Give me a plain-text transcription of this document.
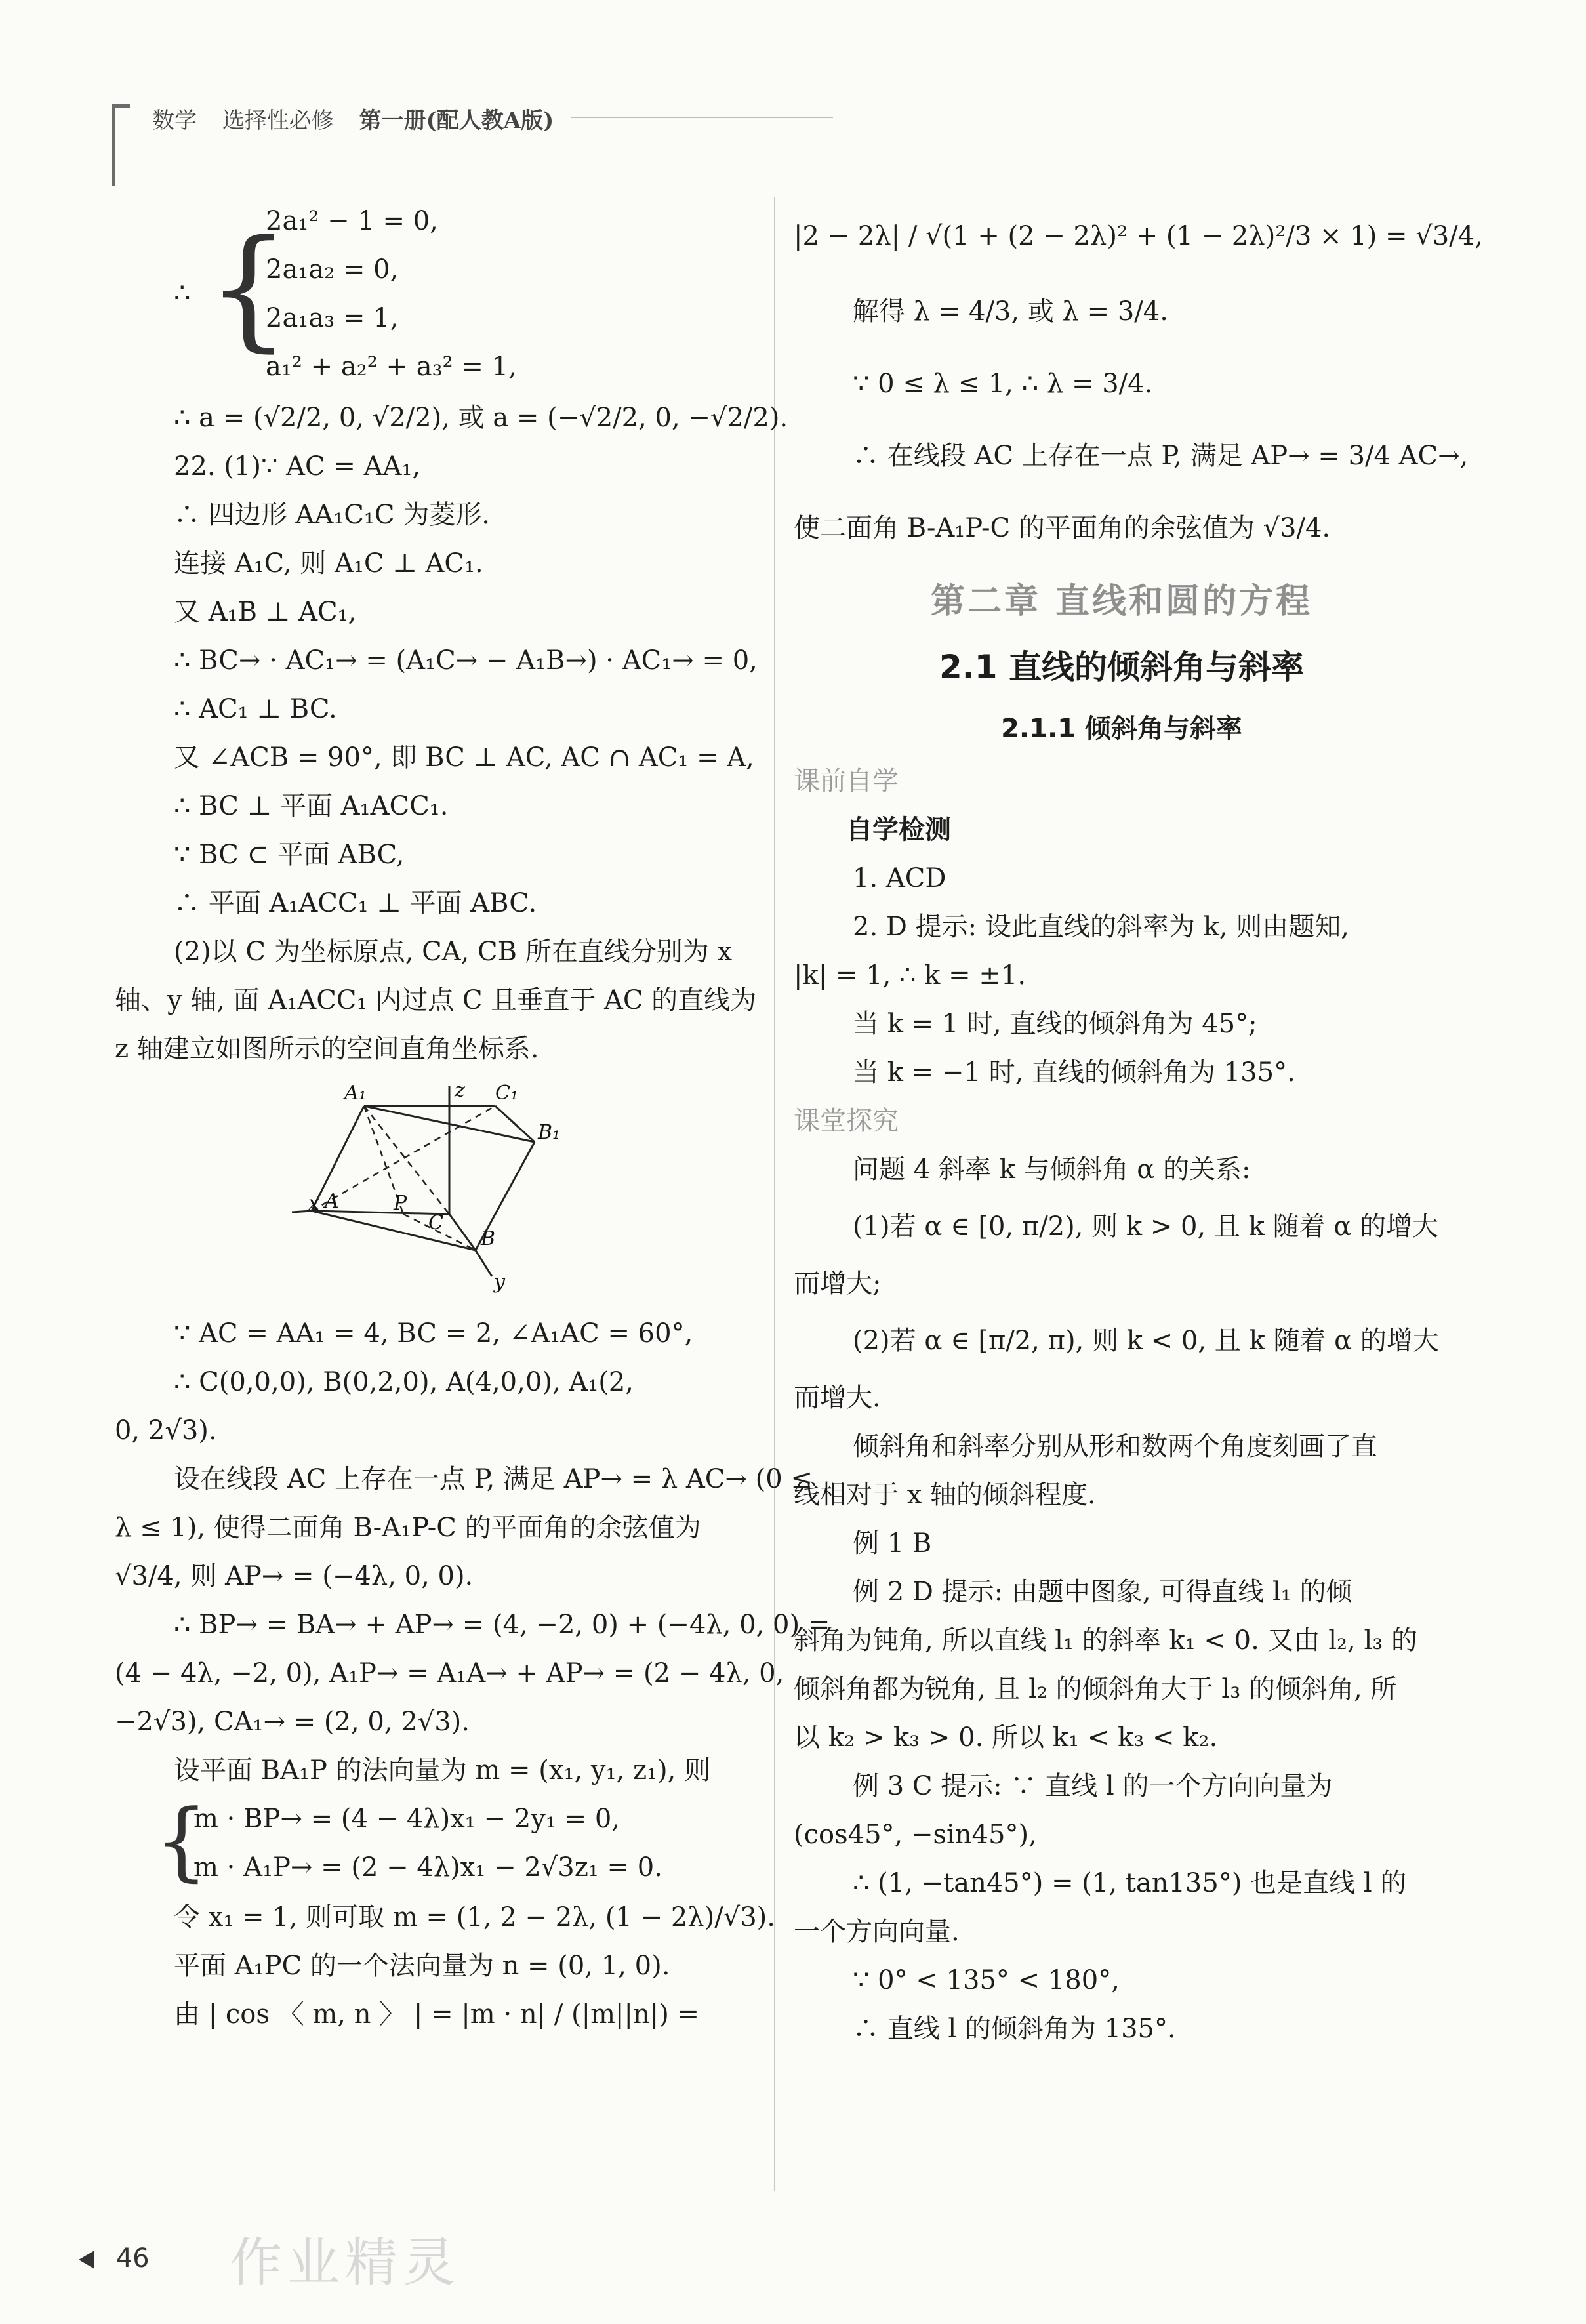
数学 选择性必修 第一册(配人教A版)
∴ {
2a₁² − 1 = 0,
2a₁a₂ = 0,
2a₁a₃ = 1,
a₁² + a₂² + a₃² = 1,
∴ a = (√2/2, 0, √2/2), 或 a = (−√2/2, 0, −√2/2).
22. (1)∵ AC = AA₁,
∴ 四边形 AA₁C₁C 为菱形.
连接 A₁C, 则 A₁C ⊥ AC₁.
又 A₁B ⊥ AC₁,
∴ BC→ · AC₁→ = (A₁C→ − A₁B→) · AC₁→ = 0,
∴ AC₁ ⊥ BC.
又 ∠ACB = 90°, 即 BC ⊥ AC, AC ∩ AC₁ = A,
∴ BC ⊥ 平面 A₁ACC₁.
∵ BC ⊂ 平面 ABC,
∴ 平面 A₁ACC₁ ⊥ 平面 ABC.
(2)以 C 为坐标原点, CA, CB 所在直线分别为 x
轴、y 轴, 面 A₁ACC₁ 内过点 C 且垂直于 AC 的直线为
z 轴建立如图所示的空间直角坐标系.
A₁	z C₁
B₁
x A	P
C
B
y
∵ AC = AA₁ = 4, BC = 2, ∠A₁AC = 60°,
∴ C(0,0,0), B(0,2,0), A(4,0,0), A₁(2,
0, 2√3).
设在线段 AC 上存在一点 P, 满足 AP→ = λ AC→ (0 ≤
λ ≤ 1), 使得二面角 B-A₁P-C 的平面角的余弦值为
√3/4, 则 AP→ = (−4λ, 0, 0).
∴ BP→ = BA→ + AP→ = (4, −2, 0) + (−4λ, 0, 0) =
(4 − 4λ, −2, 0), A₁P→ = A₁A→ + AP→ = (2 − 4λ, 0,
−2√3), CA₁→ = (2, 0, 2√3).
设平面 BA₁P 的法向量为 m = (x₁, y₁, z₁), 则
{
m · BP→ = (4 − 4λ)x₁ − 2y₁ = 0,
m · A₁P→ = (2 − 4λ)x₁ − 2√3z₁ = 0.
令 x₁ = 1, 则可取 m = (1, 2 − 2λ, (1 − 2λ)/√3).
平面 A₁PC 的一个法向量为 n = (0, 1, 0).
由 | cos 〈 m, n 〉 | = |m · n| / (|m||n|) =
|2 − 2λ| / √(1 + (2 − 2λ)² + (1 − 2λ)²/3 × 1) = √3/4,
解得 λ = 4/3, 或 λ = 3/4.
∵ 0 ≤ λ ≤ 1, ∴ λ = 3/4.
∴ 在线段 AC 上存在一点 P, 满足 AP→ = 3/4 AC→,
使二面角 B-A₁P-C 的平面角的余弦值为 √3/4.
第二章 直线和圆的方程
2.1 直线的倾斜角与斜率
2.1.1 倾斜角与斜率
课前自学
自学检测
1. ACD
2. D 提示: 设此直线的斜率为 k, 则由题知,
|k| = 1, ∴ k = ±1.
当 k = 1 时, 直线的倾斜角为 45°;
当 k = −1 时, 直线的倾斜角为 135°.
课堂探究
问题 4 斜率 k 与倾斜角 α 的关系:
(1)若 α ∈ [0, π/2), 则 k > 0, 且 k 随着 α 的增大
而增大;
(2)若 α ∈ [π/2, π), 则 k < 0, 且 k 随着 α 的增大
而增大.
倾斜角和斜率分别从形和数两个角度刻画了直
线相对于 x 轴的倾斜程度.
例 1 B
例 2 D 提示: 由题中图象, 可得直线 l₁ 的倾
斜角为钝角, 所以直线 l₁ 的斜率 k₁ < 0. 又由 l₂, l₃ 的
倾斜角都为锐角, 且 l₂ 的倾斜角大于 l₃ 的倾斜角, 所
以 k₂ > k₃ > 0. 所以 k₁ < k₃ < k₂.
例 3 C 提示: ∵ 直线 l 的一个方向向量为
(cos45°, −sin45°),
∴ (1, −tan45°) = (1, tan135°) 也是直线 l 的
一个方向向量.
∵ 0° < 135° < 180°,
∴ 直线 l 的倾斜角为 135°.
46 作业精灵
